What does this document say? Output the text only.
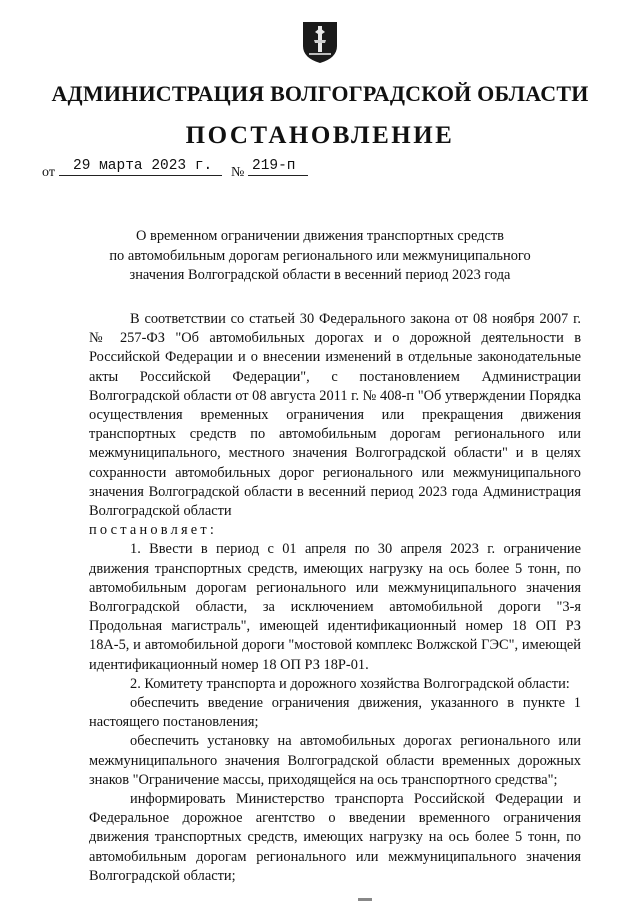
АДМИНИСТРАЦИЯ ВОЛГОГРАДСКОЙ ОБЛАСТИ
ПОСТАНОВЛЕНИЕ
от	29 марта 2023 г.	№ 219-п
О временном ограничении движения транспортных средств
по автомобильным дорогам регионального или межмуниципального
значения Волгоградской области в весенний период 2023 года

В соответствии со статьей 30 Федерального закона от 08 ноября 2007 г. № 257-ФЗ "Об автомобильных дорогах и о дорожной деятельности в Российской Федерации и о внесении изменений в отдельные законодательные акты Российской Федерации", с постановлением Администрации Волгоградской области от 08 августа 2011 г. № 408-п "Об утверждении Порядка осуществления временных ограничения или прекращения движения транспортных средств по автомобильным дорогам регионального или межмуниципального, местного значения Волгоградской области" и в целях сохранности автомобильных дорог регионального или межмуниципального значения Волгоградской области в весенний период 2023 года Администрация Волгоградской области

постановляет:

1. Ввести в период с 01 апреля по 30 апреля 2023 г. ограничение движения транспортных средств, имеющих нагрузку на ось более 5 тонн, по автомобильным дорогам регионального или межмуниципального значения Волгоградской области, за исключением автомобильной дороги "3-я Продольная магистраль", имеющей идентификационный номер 18 ОП РЗ 18А-5, и автомобильной дороги "мостовой комплекс Волжской ГЭС", имеющей идентификационный номер 18 ОП РЗ 18Р-01.

2. Комитету транспорта и дорожного хозяйства Волгоградской области:

обеспечить введение ограничения движения, указанного в пункте 1 настоящего постановления;

обеспечить установку на автомобильных дорогах регионального или межмуниципального значения Волгоградской области временных дорожных знаков "Ограничение массы, приходящейся на ось транспортного средства";

информировать Министерство транспорта Российской Федерации и Федеральное дорожное агентство о введении временного ограничения движения транспортных средств, имеющих нагрузку на ось более 5 тонн, по автомобильным дорогам регионального или межмуниципального значения Волгоградской области;
